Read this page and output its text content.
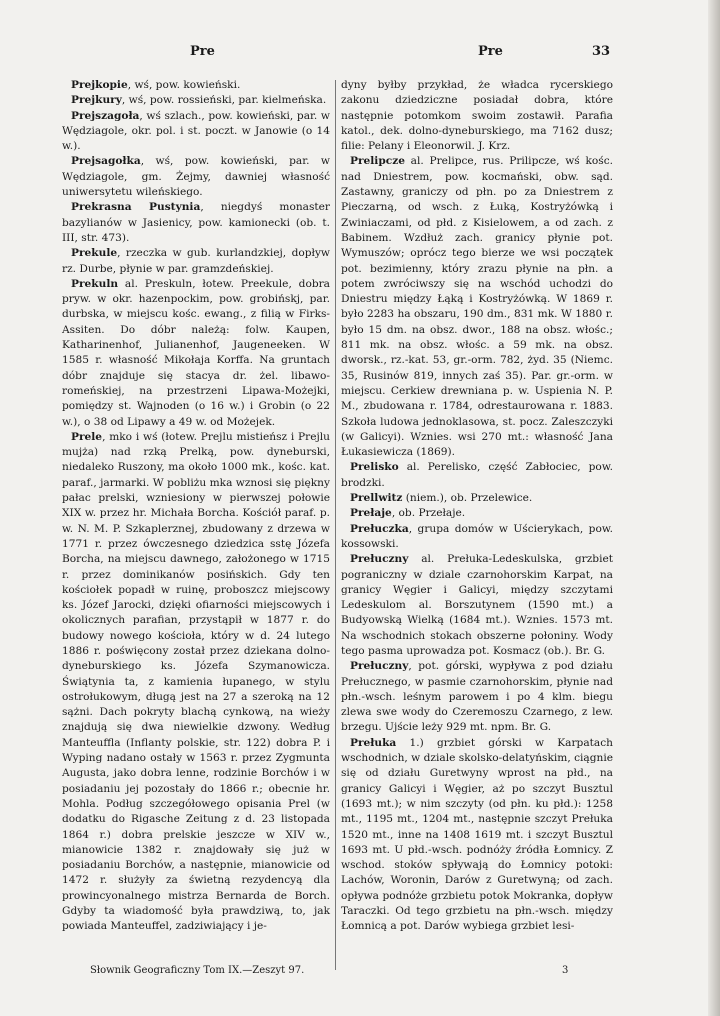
Pre	Pre	33

Prejkopie, wś, pow. kowieński.

Prejkury, wś, pow. rossieński, par. kielmeńska.

Prejszagoła, wś szlach., pow. kowieński, par. w Wędziagole, okr. pol. i st. poczt. w Janowie (o 14 w.).

Prejsagołka, wś, pow. kowieński, par. w Wędziagole, gm. Żejmy, dawniej własność uniwersytetu wileńskiego.

Prekrasna Pustynia, niegdyś monaster bazylianów w Jasienicy, pow. kamionecki (ob. t. III, str. 473).

Prekule, rzeczka w gub. kurlandzkiej, dopływ rz. Durbe, płynie w par. gramzdeńskiej.

Prekuln al. Preskuln, łotew. Preekule, dobra pryw. w okr. hazenpockim, pow. grobińskj, par. durbska, w miejscu kośc. ewang., z filią w Firks-Assiten. Do dóbr należą: folw. Kaupen, Katharinenhof, Julianenhof, Jaugeneeken. W 1585 r. własność Mikołaja Korffa. Na gruntach dóbr znajduje się stacya dr. żel. libawo-romeńskiej, na przestrzeni Lipawa-Możejki, pomiędzy st. Wajnoden (o 16 w.) i Grobin (o 22 w.), o 38 od Lipawy a 49 w. od Możejek.

Prele, mko i wś (łotew. Prejlu mistieńsz i Prejlu mujża) nad rzką Prelką, pow. dyneburski, niedaleko Ruszony, ma około 1000 mk., kośc. kat. paraf., jarmarki. W pobliżu mka wznosi się piękny pałac prelski, wzniesiony w pierwszej połowie XIX w. przez hr. Michała Borcha. Kościół paraf. p. w. N. M. P. Szkaplerznej, zbudowany z drzewa w 1771 r. przez ówczesnego dziedzica sstę Józefa Borcha, na miejscu dawnego, założonego w 1715 r. przez dominikanów posińskich. Gdy ten kościołek popadł w ruinę, proboszcz miejscowy ks. Józef Jarocki, dzięki ofiarności miejscowych i okolicznych parafian, przystąpił w 1877 r. do budowy nowego kościoła, który w d. 24 lutego 1886 r. poświęcony został przez dziekana dolno-dyneburskiego ks. Józefa Szymanowicza. Świątynia ta, z kamienia łupanego, w stylu ostrołukowym, długą jest na 27 a szeroką na 12 sążni. Dach pokryty blachą cynkową, na wieży znajdują się dwa niewielkie dzwony. Według Manteuffla (Inflanty polskie, str. 122) dobra P. i Wyping nadano ostały w 1563 r. przez Zygmunta Augusta, jako dobra lenne, rodzinie Borchów i w posiadaniu jej pozostały do 1866 r.; obecnie hr. Mohla. Podług szczegółowego opisania Prel (w dodatku do Rigasche Zeitung z d. 23 listopada 1864 r.) dobra prelskie jeszcze w XIV w., mianowicie 1382 r. znajdowały się już w posiadaniu Borchów, a następnie, mianowicie od 1472 r. służyły za świetną rezydencyą dla prowincyonalnego mistrza Bernarda de Borch. Gdyby ta wiadomość była prawdziwą, to, jak powiada Manteuffel, zadziwiający i je-

dyny byłby przykład, że władca rycerskiego zakonu dziedziczne posiadał dobra, które następnie potomkom swoim zostawił. Parafia katol., dek. dolno-dyneburskiego, ma 7162 dusz; filie: Pelany i Eleonorwil. J. Krz.

Prelipcze al. Prelipce, rus. Prilipcze, wś kośc. nad Dniestrem, pow. kocmański, obw. sąd. Zastawny, graniczy od płn. po za Dniestrem z Pieczarną, od wsch. z Łuką, Kostryżówką i Zwiniaczami, od płd. z Kisielowem, a od zach. z Babinem. Wzdłuż zach. granicy płynie pot. Wymuszów; oprócz tego bierze we wsi początek pot. bezimienny, który zrazu płynie na płn. a potem zwróciwszy się na wschód uchodzi do Dniestru między Łąką i Kostryżówką. W 1869 r. było 2283 ha obszaru, 190 dm., 831 mk. W 1880 r. było 15 dm. na obsz. dwor., 188 na obsz. włośc.; 811 mk. na obsz. włośc. a 59 mk. na obsz. dworsk., rz.-kat. 53, gr.-orm. 782, żyd. 35 (Niemc. 35, Rusinów 819, innych zaś 35). Par. gr.-orm. w miejscu. Cerkiew drewniana p. w. Uspienia N. P. M., zbudowana r. 1784, odrestaurowana r. 1883. Szkoła ludowa jednoklasowa, st. pocz. Zaleszczyki (w Galicyi). Wznies. wsi 270 mt.: własność Jana Łukasiewicza (1869).

Prelisko al. Perelisko, część Zabłociec, pow. brodzki.

Prellwitz (niem.), ob. Przelewice.

Prełaje, ob. Przełaje.

Prełuczka, grupa domów w Uścierykach, pow. kossowski.

Prełuczny al. Prełuka-Ledeskulska, grzbiet pograniczny w dziale czarnohorskim Karpat, na granicy Węgier i Galicyi, między szczytami Ledeskulom al. Borszutynem (1590 mt.) a Budyowską Wielką (1684 mt.). Wznies. 1573 mt. Na wschodnich stokach obszerne połoniny. Wody tego pasma uprowadza pot. Kosmacz (ob.). Br. G.

Prełuczny, pot. górski, wypływa z pod działu Prełucznego, w pasmie czarnohorskim, płynie nad płn.-wsch. leśnym parowem i po 4 klm. biegu zlewa swe wody do Czeremoszu Czarnego, z lew. brzegu. Ujście leży 929 mt. npm. Br. G.

Prełuka 1.) grzbiet górski w Karpatach wschodnich, w dziale skolsko-delatyńskim, ciągnie się od działu Guretwyny wprost na płd., na granicy Galicyi i Węgier, aż po szczyt Busztul (1693 mt.); w nim szczyty (od płn. ku płd.): 1258 mt., 1195 mt., 1204 mt., następnie szczyt Prełuka 1520 mt., inne na 1408 1619 mt. i szczyt Busztul 1693 mt. U płd.-wsch. podnóży źródła Łomnicy. Z wschod. stoków spływają do Łomnicy potoki: Lachów, Woronin, Darów z Guretwyną; od zach. opływa podnóże grzbietu potok Mokranka, dopływ Taraczki. Od tego grzbietu na płn.-wsch. między Łomnicą a pot. Darów wybiega grzbiet lesi-

Słownik Geograficzny Tom IX.—Zeszyt 97.	3
